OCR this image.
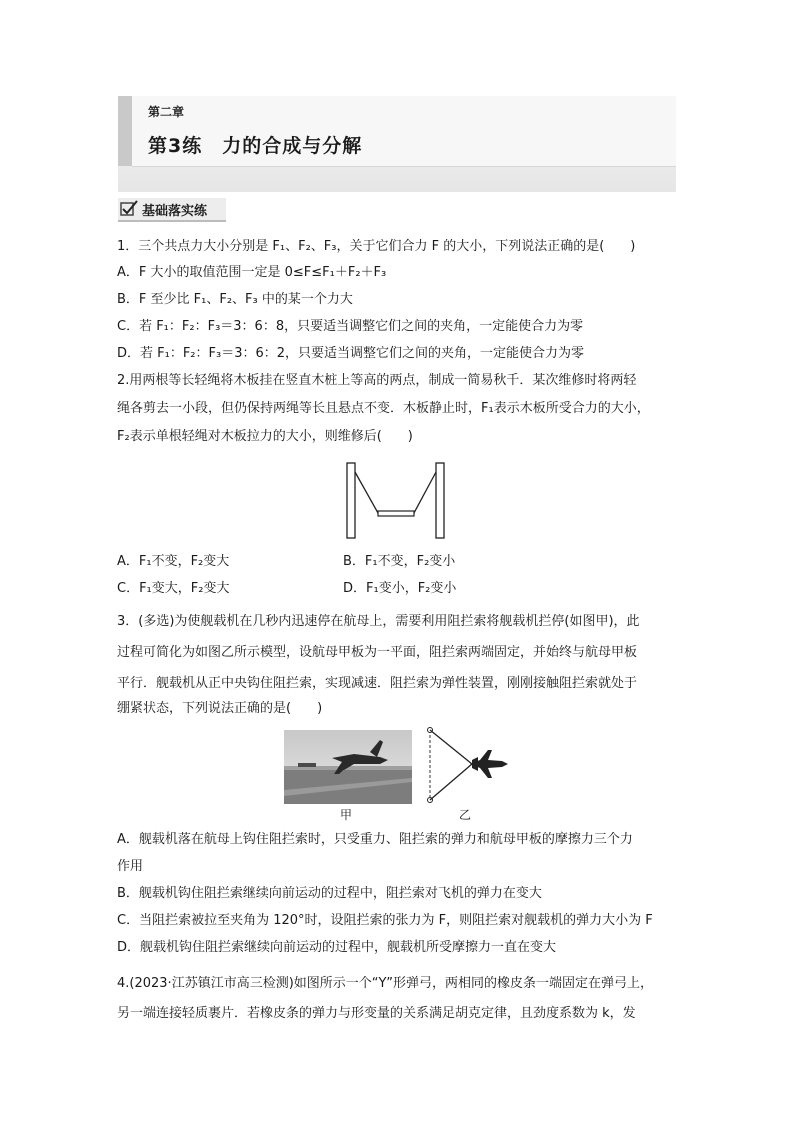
第二章
第3练　力的合成与分解
基础落实练
1．三个共点力大小分别是 F₁、F₂、F₃，关于它们合力 F 的大小，下列说法正确的是(　　)
A．F 大小的取值范围一定是 0≤F≤F₁＋F₂＋F₃
B．F 至少比 F₁、F₂、F₃ 中的某一个力大
C．若 F₁：F₂：F₃＝3：6：8，只要适当调整它们之间的夹角，一定能使合力为零
D．若 F₁：F₂：F₃＝3：6：2，只要适当调整它们之间的夹角，一定能使合力为零
2.用两根等长轻绳将木板挂在竖直木桩上等高的两点，制成一简易秋千．某次维修时将两轻
绳各剪去一小段，但仍保持两绳等长且悬点不变．木板静止时，F₁表示木板所受合力的大小，
F₂表示单根轻绳对木板拉力的大小，则维修后(　　)
A．F₁不变，F₂变大	B．F₁不变，F₂变小
C．F₁变大，F₂变大	D．F₁变小，F₂变小
3．(多选)为使舰载机在几秒内迅速停在航母上，需要利用阻拦索将舰载机拦停(如图甲)，此
过程可简化为如图乙所示模型，设航母甲板为一平面，阻拦索两端固定，并始终与航母甲板
平行．舰载机从正中央钩住阻拦索，实现减速．阻拦索为弹性装置，刚刚接触阻拦索就处于
绷紧状态，下列说法正确的是(　　)
甲	乙
A．舰载机落在航母上钩住阻拦索时，只受重力、阻拦索的弹力和航母甲板的摩擦力三个力
作用
B．舰载机钩住阻拦索继续向前运动的过程中，阻拦索对飞机的弹力在变大
C．当阻拦索被拉至夹角为 120°时，设阻拦索的张力为 F，则阻拦索对舰载机的弹力大小为 F
D．舰载机钩住阻拦索继续向前运动的过程中，舰载机所受摩擦力一直在变大
4.(2023·江苏镇江市高三检测)如图所示一个“Y”形弹弓，两相同的橡皮条一端固定在弹弓上，
另一端连接轻质裹片．若橡皮条的弹力与形变量的关系满足胡克定律，且劲度系数为 k，发
